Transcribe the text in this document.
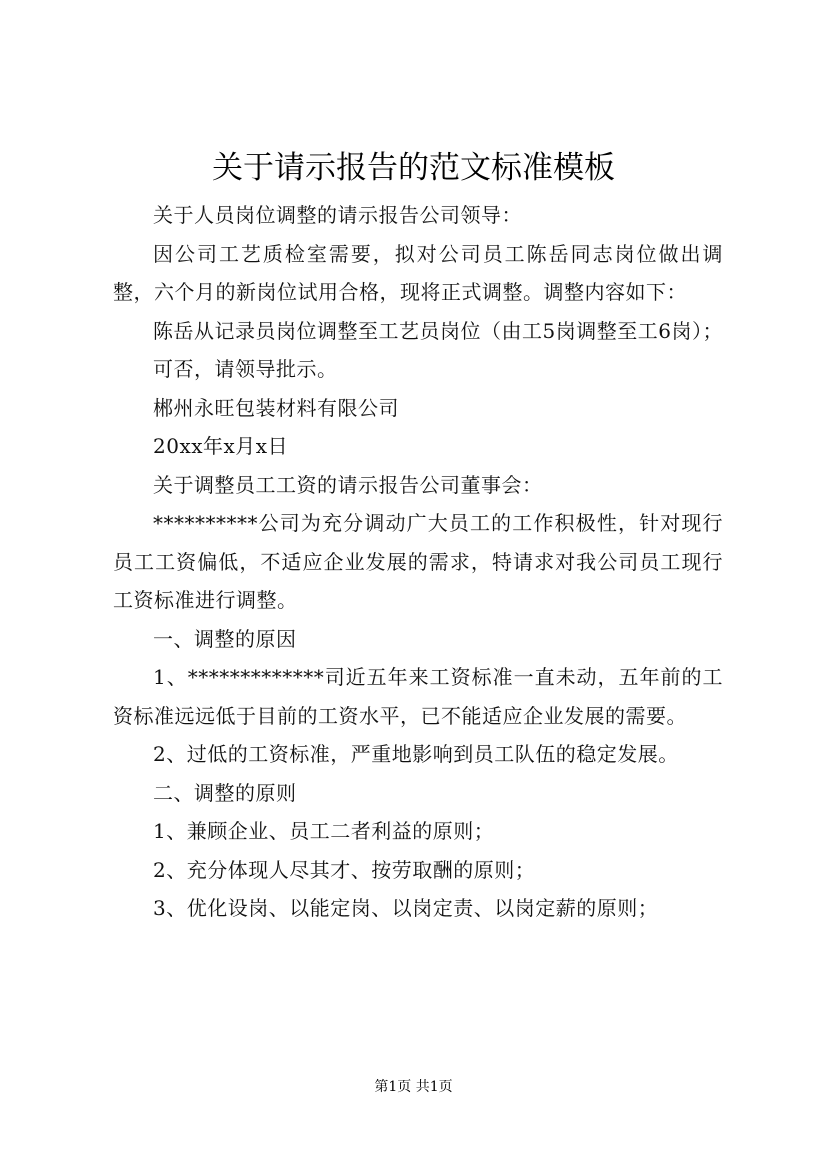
关于请示报告的范文标准模板

关于人员岗位调整的请示报告公司领导：

因公司工艺质检室需要，拟对公司员工陈岳同志岗位做出调整，六个月的新岗位试用合格，现将正式调整。调整内容如下：

陈岳从记录员岗位调整至工艺员岗位（由工5岗调整至工6岗）；

可否，请领导批示。

郴州永旺包装材料有限公司

20xx年x月x日

关于调整员工工资的请示报告公司董事会：

**********公司为充分调动广大员工的工作积极性，针对现行员工工资偏低，不适应企业发展的需求，特请求对我公司员工现行工资标准进行调整。

一、调整的原因

1、*************司近五年来工资标准一直未动，五年前的工资标准远远低于目前的工资水平，已不能适应企业发展的需要。

2、过低的工资标准，严重地影响到员工队伍的稳定发展。

二、调整的原则

1、兼顾企业、员工二者利益的原则；

2、充分体现人尽其才、按劳取酬的原则；

3、优化设岗、以能定岗、以岗定责、以岗定薪的原则；

第1页 共1页
